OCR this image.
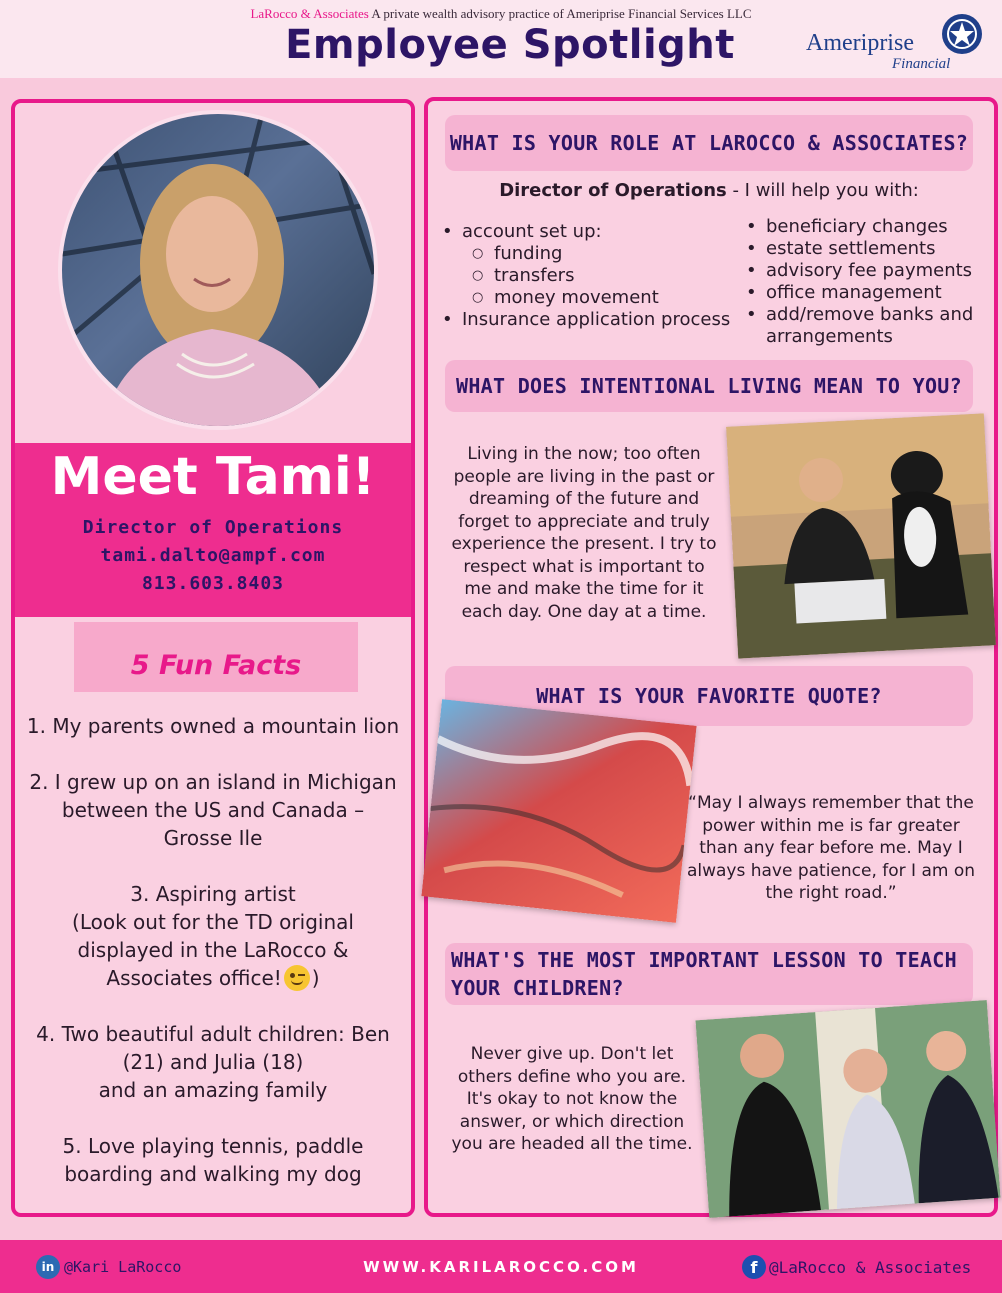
LaRocco & Associates A private wealth advisory practice of Ameriprise Financial Services LLC
Employee Spotlight	Ameriprise
Financial
Meet Tami!
Director of Operations
tami.dalto@ampf.com
813.603.8403
5 Fun Facts
1. My parents owned a mountain lion
2. I grew up on an island in Michigan
between the US and Canada –
Grosse Ile
3. Aspiring artist
(Look out for the TD original
displayed in the LaRocco &
Associates office! )
4. Two beautiful adult children: Ben
(21) and Julia (18)
and an amazing family
5. Love playing tennis, paddle
boarding and walking my dog
WHAT IS YOUR ROLE AT LAROCCO & ASSOCIATES?
Director of Operations - I will help you with:
• account set up:
○ funding
○ transfers
○ money movement
• Insurance application process
• beneficiary changes
• estate settlements
• advisory fee payments
• office management
• add/remove banks and arrangements
WHAT DOES INTENTIONAL LIVING MEAN TO YOU?
Living in the now; too often people are living in the past or dreaming of the future and forget to appreciate and truly experience the present. I try to respect what is important to me and make the time for it each day. One day at a time.
WHAT IS YOUR FAVORITE QUOTE?
“May I always remember that the power within me is far greater than any fear before me. May I always have patience, for I am on the right road.”
WHAT'S THE MOST IMPORTANT LESSON TO TEACH YOUR CHILDREN?
Never give up. Don't let others define who you are. It's okay to not know the answer, or which direction you are headed all the time.
in @Kari LaRocco	WWW.KARILAROCCO.COM	f @LaRocco & Associates
